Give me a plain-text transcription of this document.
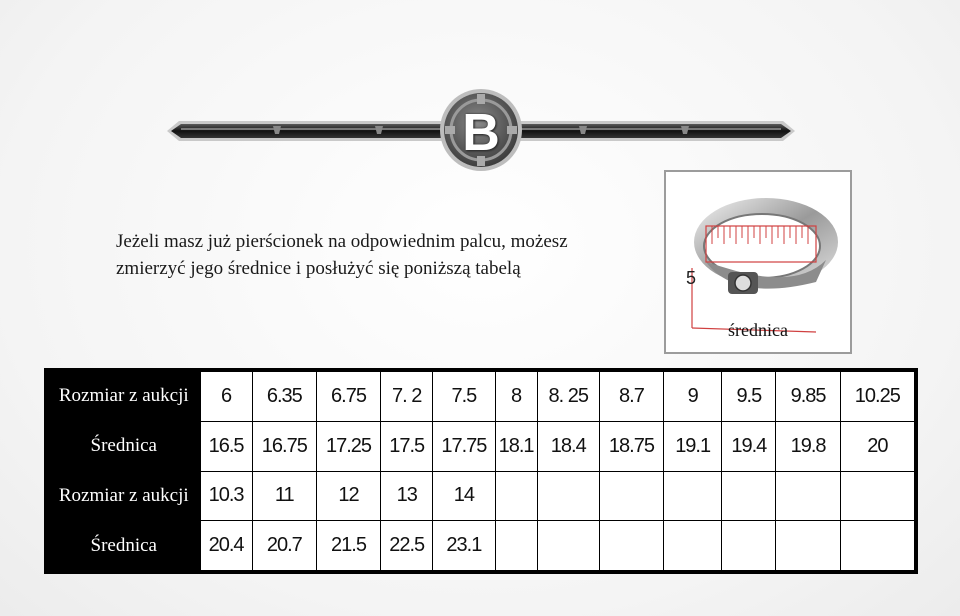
B
Jeżeli masz już pierścionek na odpowiednim palcu, możesz
zmierzyć jego średnice i posłużyć się poniższą tabelą	5
średnica
Rozmiar z aukcji	6	6.35	6.75	7. 2	7.5	8	8. 25	8.7	9	9.5	9.85	10.25
Średnica	16.5	16.75	17.25	17.5	17.75	18.1	18.4	18.75	19.1	19.4	19.8	20
Rozmiar z aukcji	10.3	11	12	13	14							
Średnica	20.4	20.7	21.5	22.5	23.1							
